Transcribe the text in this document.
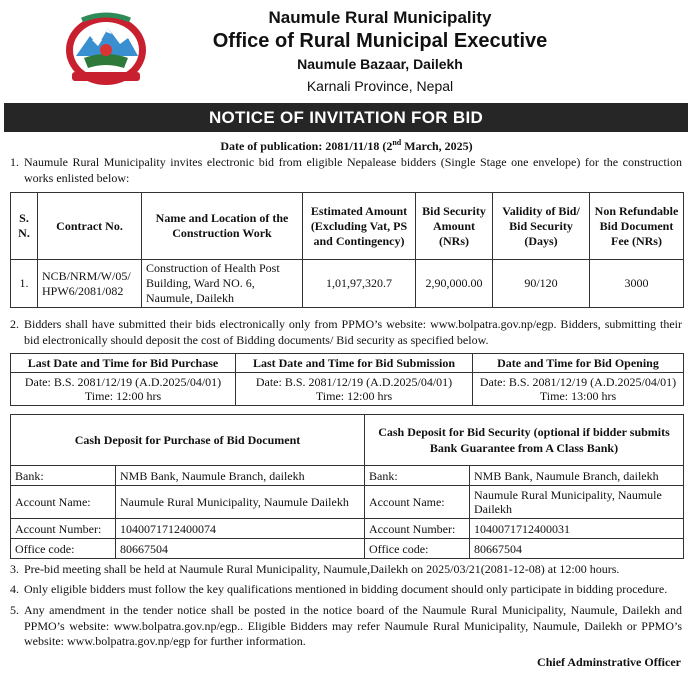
Naumule Rural Municipality
Office of Rural Municipal Executive
Naumule Bazaar, Dailekh
Karnali Province, Nepal
NOTICE OF INVITATION FOR BID
Date of publication: 2081/11/18 (2nd March, 2025)
1. Naumule Rural Municipality invites electronic bid from eligible Nepalease bidders (Single Stage one envelope) for the construction works enlisted below:
S. N.	Contract No.	Name and Location of the Construction Work	Estimated Amount (Excluding Vat, PS and Contingency)	Bid Security Amount (NRs)	Validity of Bid/ Bid Security (Days)	Non Refundable Bid Document Fee (NRs)
1.	NCB/NRM/W/05/ HPW6/2081/082	Construction of Health Post Building, Ward NO. 6, Naumule, Dailekh	1,01,97,320.7	2,90,000.00	90/120	3000
2. Bidders shall have submitted their bids electronically only from PPMO’s website: www.bolpatra.gov.np/egp. Bidders, submitting their bid electronically should deposit the cost of Bidding documents/ Bid security as specified below.
Last Date and Time for Bid Purchase	Last Date and Time for Bid Submission	Date and Time for Bid Opening
Date: B.S. 2081/12/19 (A.D.2025/04/01)
Time: 12:00 hrs	Date: B.S. 2081/12/19 (A.D.2025/04/01)
Time: 12:00 hrs	Date: B.S. 2081/12/19 (A.D.2025/04/01)
Time: 13:00 hrs
Cash Deposit for Purchase of Bid Document		Cash Deposit for Bid Security (optional if bidder submits Bank Guarantee from A Class Bank)	
Bank:	NMB Bank, Naumule Branch, dailekh	Bank:	NMB Bank, Naumule Branch, dailekh
Account Name:	Naumule Rural Municipality, Naumule Dailekh	Account Name:	Naumule Rural Municipality, Naumule Dailekh
Account Number:	1040071712400074	Account Number:	1040071712400031
Office code:	80667504	Office code:	80667504
3. Pre-bid meeting shall be held at Naumule Rural Municipality, Naumule,Dailekh on 2025/03/21(2081-12-08) at 12:00 hours.
4. Only eligible bidders must follow the key qualifications mentioned in bidding document should only participate in bidding procedure.
5. Any amendment in the tender notice shall be posted in the notice board of the Naumule Rural Municipality, Naumule, Dailekh and PPMO’s website: www.bolpatra.gov.np/egp.. Eligible Bidders may refer Naumule Rural Municipality, Naumule, Dailekh or PPMO’s website: www.bolpatra.gov.np/egp for further information.
Chief Adminstrative Officer
